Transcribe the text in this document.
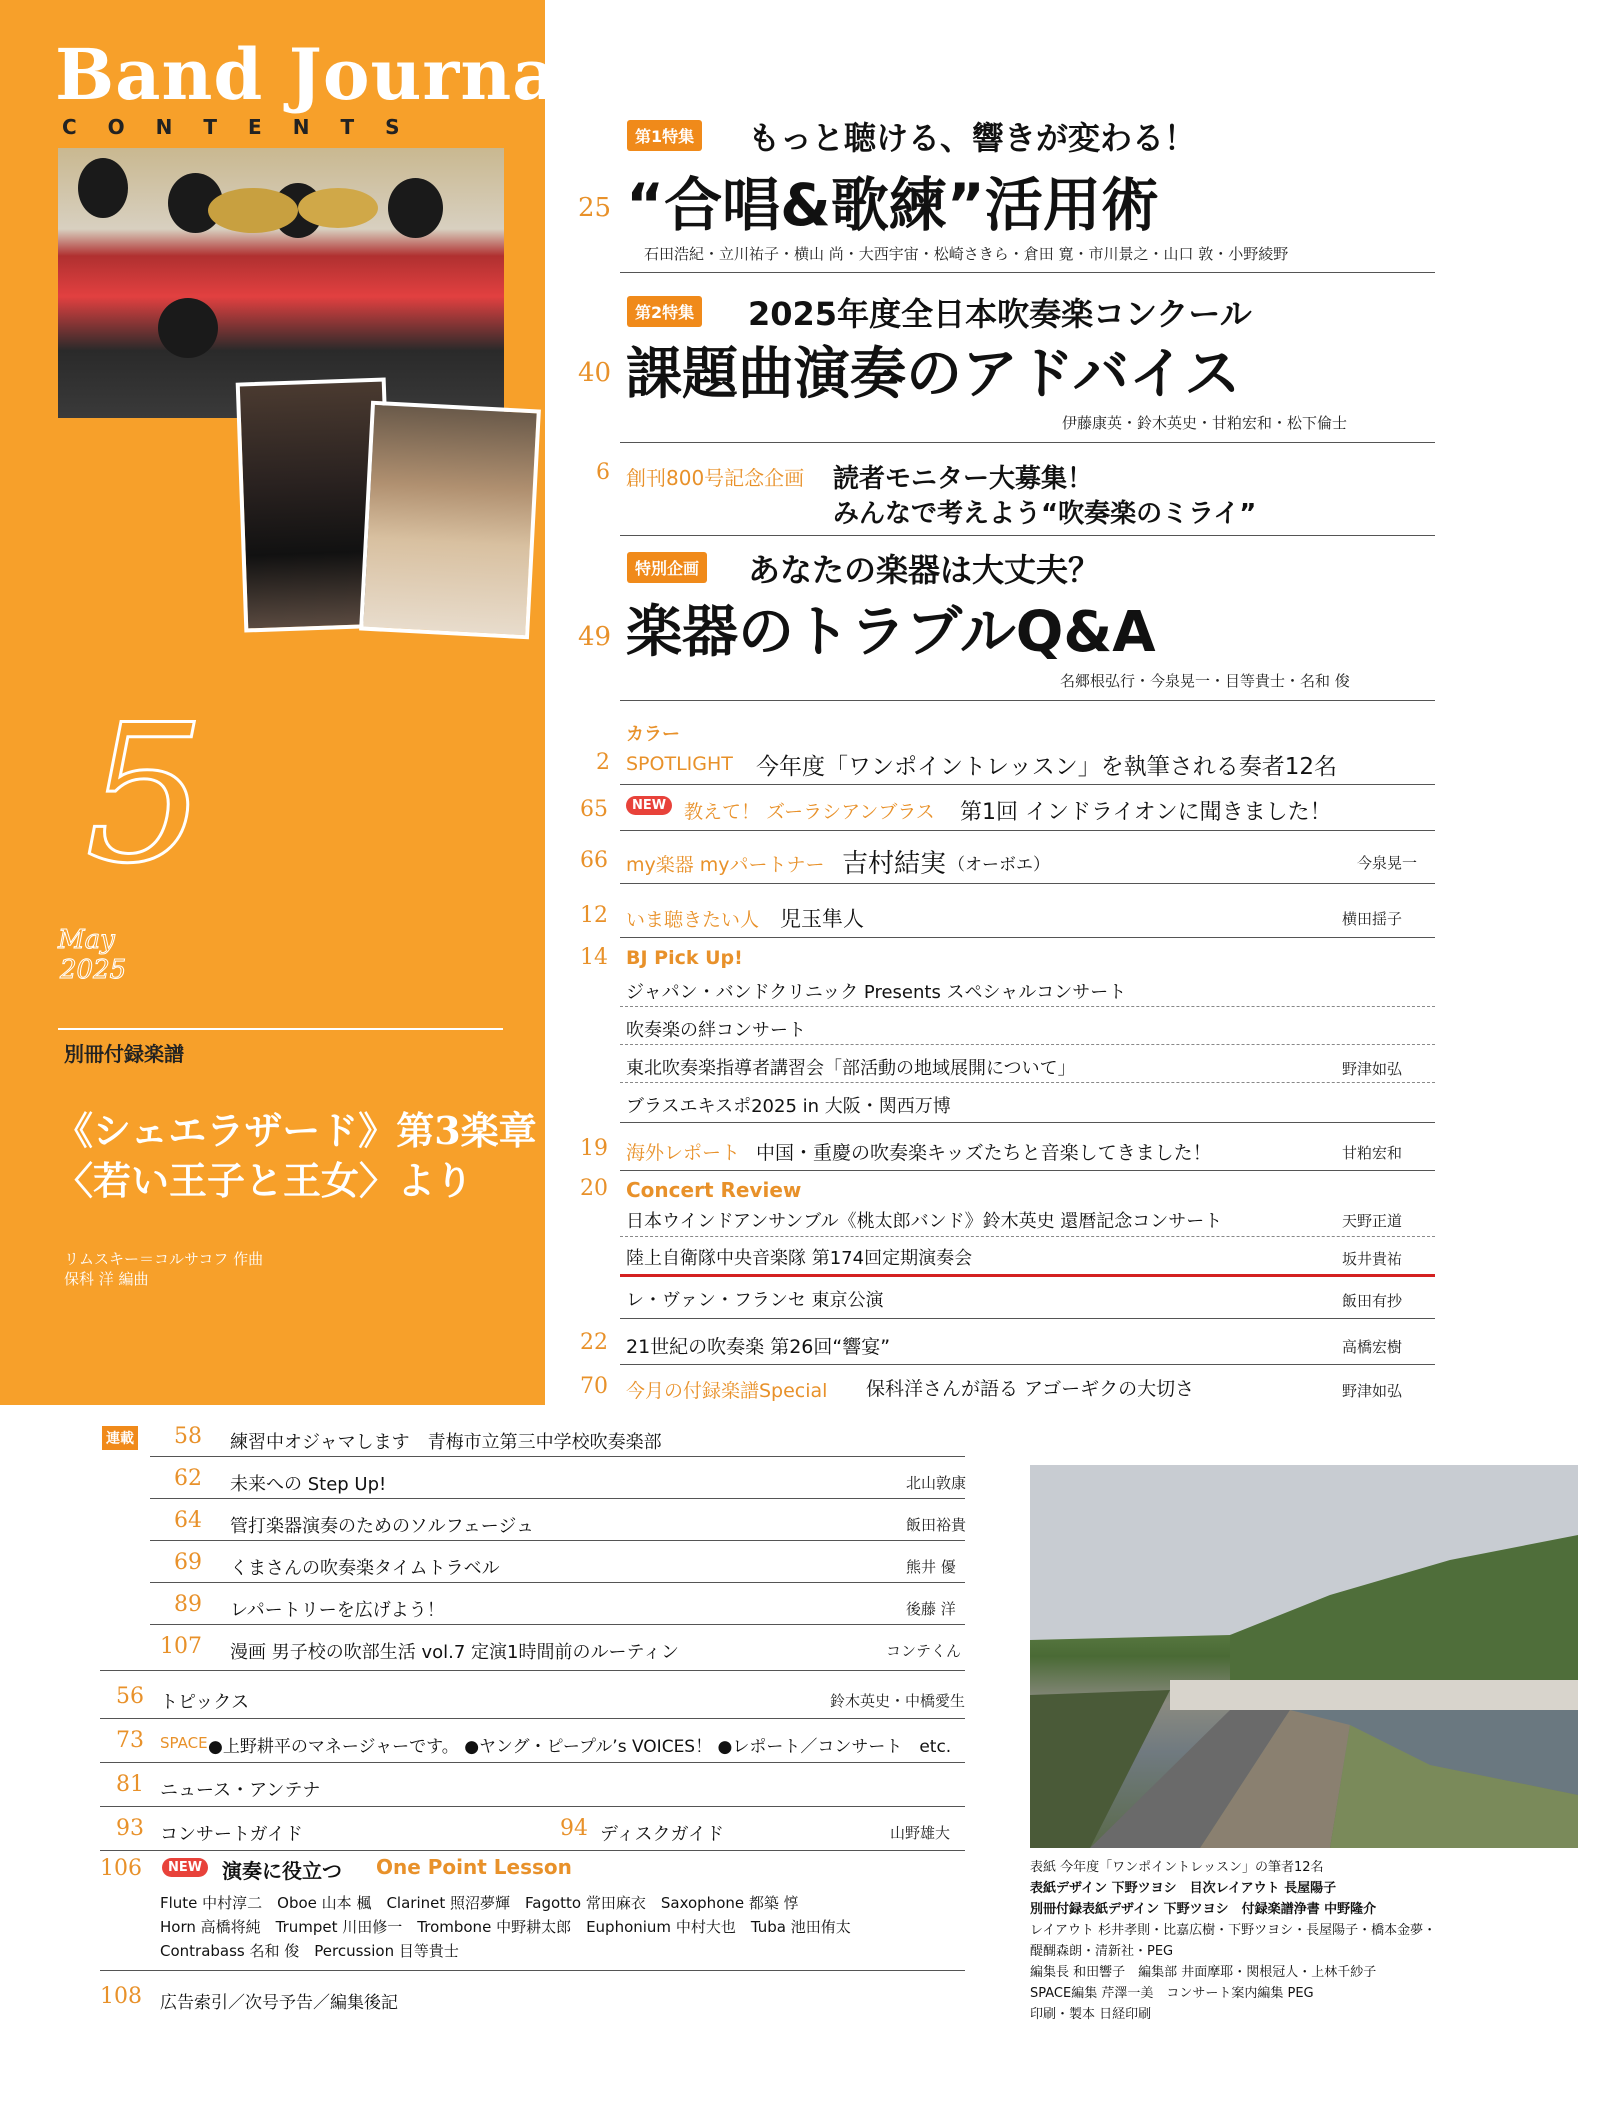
Band Journal
CONTENTS
5
May
2025
別冊付録楽譜
《シェエラザード》第3楽章
〈若い王子と王女〉より
リムスキー＝コルサコフ 作曲
保科 洋 編曲
第1特集 もっと聴ける、響きが変わる！
25 “合唱&歌練”活用術
石田浩紀・立川祐子・横山 尚・大西宇宙・松崎さきら・倉田 寛・市川景之・山口 敦・小野綾野
第2特集 2025年度全日本吹奏楽コンクール
40 課題曲演奏のアドバイス
伊藤康英・鈴木英史・甘粕宏和・松下倫士
6 創刊800号記念企画 読者モニター大募集！
みんなで考えよう“吹奏楽のミライ”
特別企画 あなたの楽器は大丈夫？
49 楽器のトラブルQ&A
名郷根弘行・今泉晃一・目等貴士・名和 俊
カラー
2 SPOTLIGHT 今年度「ワンポイントレッスン」を執筆される奏者12名
65	NEW 教えて！ ズーラシアンブラス 第1回 インドライオンに聞きました！
66 my楽器 myパートナー 吉村結実 （オーボエ）	今泉晃一
12 いま聴きたい人 児玉隼人	横田揺子
14 BJ Pick Up!
ジャパン・バンドクリニック Presents スペシャルコンサート
吹奏楽の絆コンサート
東北吹奏楽指導者講習会「部活動の地域展開について」	野津如弘
ブラスエキスポ2025 in 大阪・関西万博
19 海外レポート 中国・重慶の吹奏楽キッズたちと音楽してきました！	甘粕宏和
20 Concert Review
日本ウインドアンサンブル《桃太郎バンド》鈴木英史 還暦記念コンサート	天野正道
陸上自衛隊中央音楽隊 第174回定期演奏会	坂井貴祐
レ・ヴァン・フランセ 東京公演	飯田有抄
22 21世紀の吹奏楽 第26回“響宴”	高橋宏樹
70 今月の付録楽譜Special 保科洋さんが語る アゴーギクの大切さ	野津如弘
連載 58 練習中オジャマします　青梅市立第三中学校吹奏楽部
62 未来への Step Up!	北山敦康
64 管打楽器演奏のためのソルフェージュ	飯田裕貴
69 くまさんの吹奏楽タイムトラベル	熊井 優
89 レパートリーを広げよう！	後藤 洋
107 漫画 男子校の吹部生活 vol.7 定演1時間前のルーティン	コンテくん
56 トピックス	鈴木英史・中橋愛生
73 SPACE ●上野耕平のマネージャーです。 ●ヤング・ピープル’s VOICES！ ●レポート／コンサート　etc.
81 ニュース・アンテナ
93 コンサートガイド	94 ディスクガイド	山野雄大
106	NEW 演奏に役立つ One Point Lesson
Flute 中村淳二　Oboe 山本 楓　Clarinet 照沼夢輝　Fagotto 常田麻衣　Saxophone 都築 惇
Horn 高橋将純　Trumpet 川田修一　Trombone 中野耕太郎　Euphonium 中村大也　Tuba 池田侑太
Contrabass 名和 俊　Percussion 目等貴士
108 広告索引／次号予告／編集後記
表紙 今年度「ワンポイントレッスン」の筆者12名
表紙デザイン 下野ツヨシ　目次レイアウト 長屋陽子
別冊付録表紙デザイン 下野ツヨシ　付録楽譜浄書 中野隆介
レイアウト 杉井孝則・比嘉広樹・下野ツヨシ・長屋陽子・橋本金夢・
醍醐森朗・清新社・PEG
編集長 和田響子　編集部 井面摩耶・関根冠人・上林千紗子
SPACE編集 芹澤一美　コンサート案内編集 PEG
印刷・製本 日経印刷
